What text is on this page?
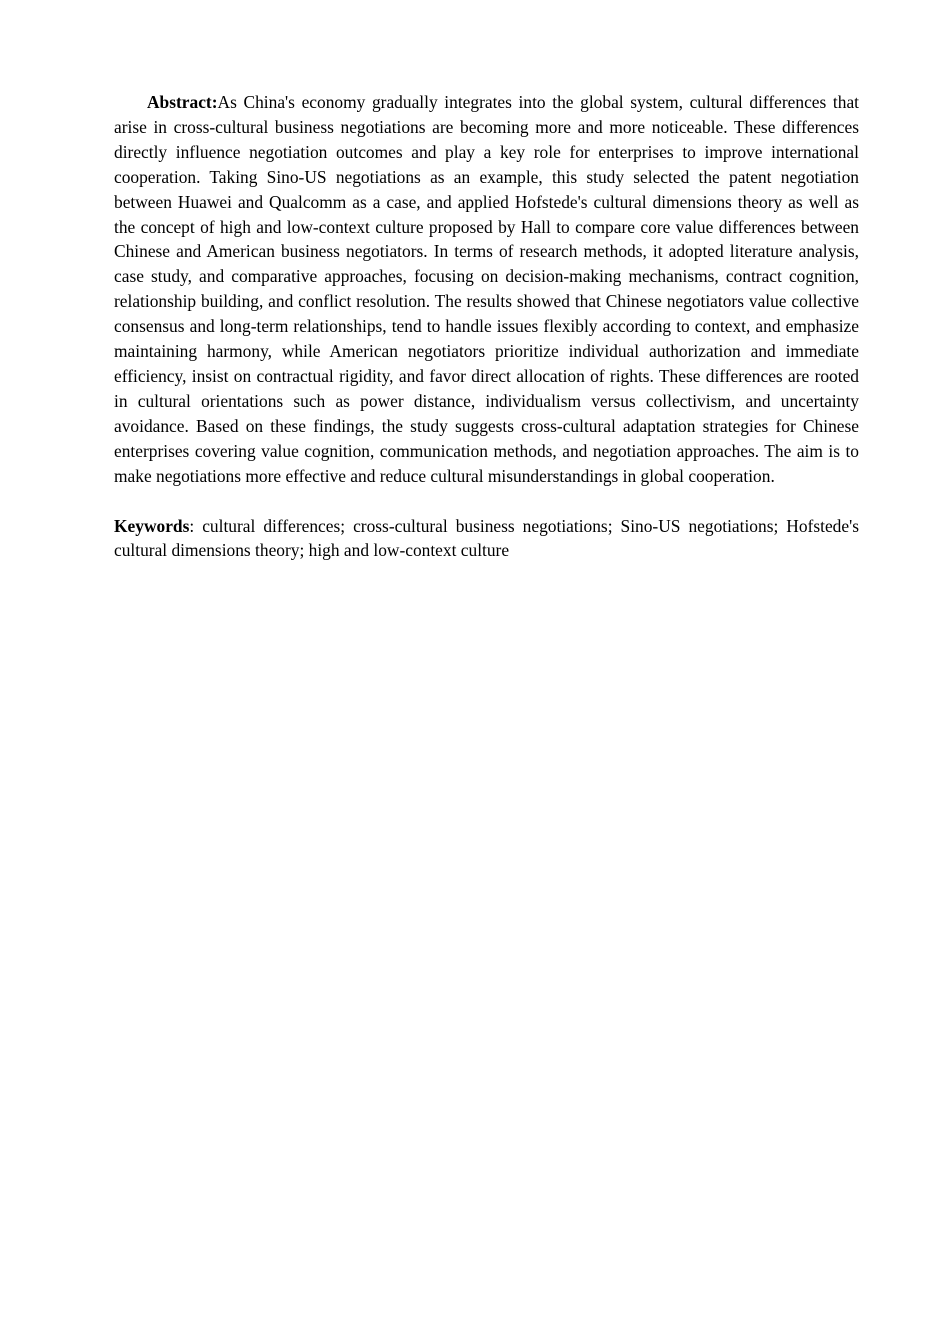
Abstract:As China's economy gradually integrates into the global system, cultural differences that arise in cross-cultural business negotiations are becoming more and more noticeable. These differences directly influence negotiation outcomes and play a key role for enterprises to improve international cooperation. Taking Sino-US negotiations as an example, this study selected the patent negotiation between Huawei and Qualcomm as a case, and applied Hofstede's cultural dimensions theory as well as the concept of high and low-context culture proposed by Hall to compare core value differences between Chinese and American business negotiators. In terms of research methods, it adopted literature analysis, case study, and comparative approaches, focusing on decision-making mechanisms, contract cognition, relationship building, and conflict resolution. The results showed that Chinese negotiators value collective consensus and long-term relationships, tend to handle issues flexibly according to context, and emphasize maintaining harmony, while American negotiators prioritize individual authorization and immediate efficiency, insist on contractual rigidity, and favor direct allocation of rights. These differences are rooted in cultural orientations such as power distance, individualism versus collectivism, and uncertainty avoidance. Based on these findings, the study suggests cross-cultural adaptation strategies for Chinese enterprises covering value cognition, communication methods, and negotiation approaches. The aim is to make negotiations more effective and reduce cultural misunderstandings in global cooperation.

Keywords: cultural differences; cross-cultural business negotiations; Sino-US negotiations; Hofstede's cultural dimensions theory; high and low-context culture
